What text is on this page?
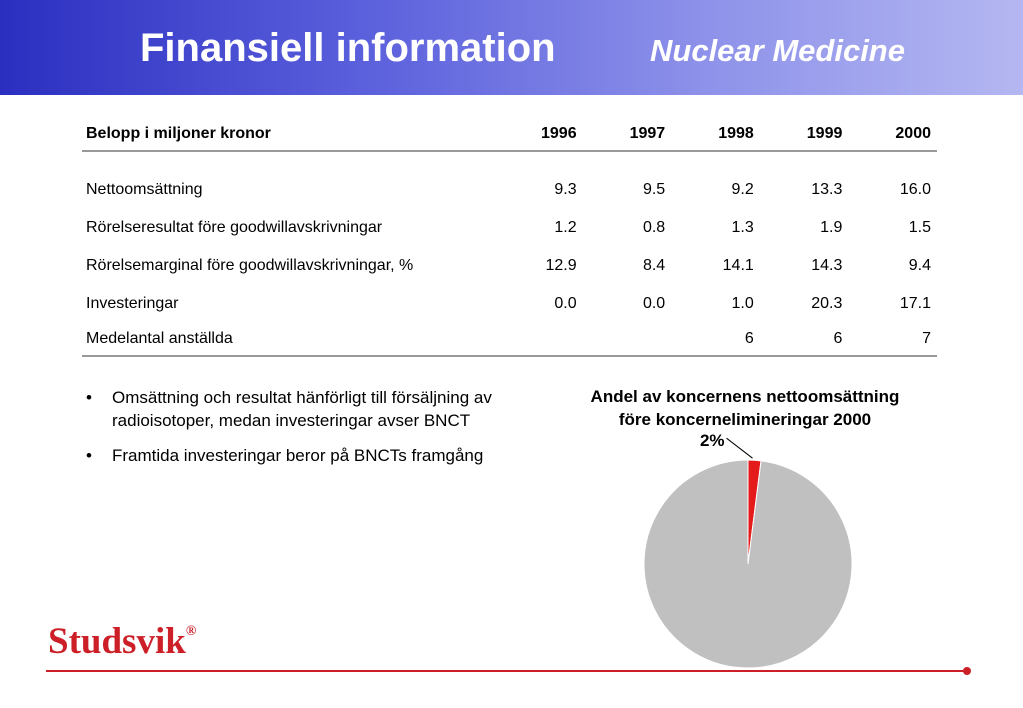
Finansiell information	Nuclear Medicine
Belopp i miljoner kronor	1996	1997	1998	1999	2000

Nettoomsättning	9.3	9.5	9.2	13.3	16.0
Rörelseresultat före goodwillavskrivningar	1.2	0.8	1.3	1.9	1.5
Rörelsemarginal före goodwillavskrivningar, %	12.9	8.4	14.1	14.3	9.4
Investeringar	0.0	0.0	1.0	20.3	17.1
Medelantal anställda			6	6	7
• Omsättning och resultat hänförligt till försäljning av radioisotoper, medan investeringar avser BNCT
• Framtida investeringar beror på BNCTs framgång
Andel av koncernens nettoomsättning
före koncernelimineringar 2000
2%
Studsvik®
